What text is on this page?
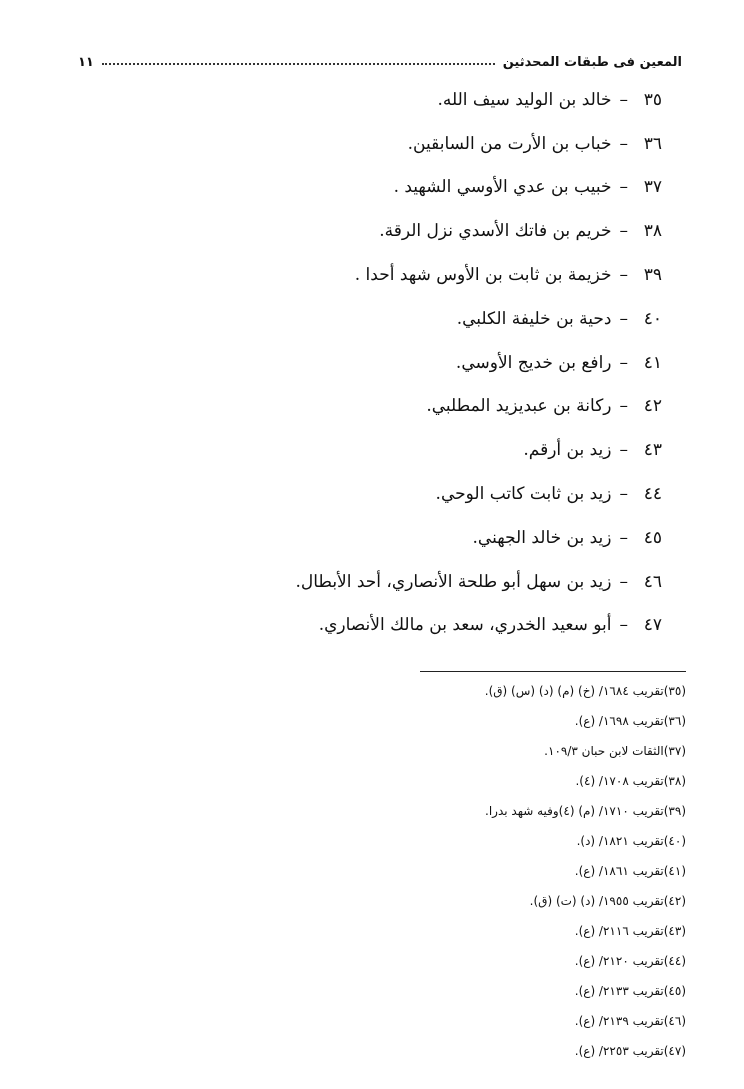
المعين فى طبقات المحدثين
١١
٣٥
–
خالد بن الوليد سيف الله.
٣٦
–
خباب بن الأرت من السابقين.
٣٧
–
خبيب بن عدي الأوسي الشهيد .
٣٨
–
خريم بن فاتك الأسدي نزل الرقة.
٣٩
–
خزيمة بن ثابت بن الأوس شهد أحدا .
٤٠
–
دحية بن خليفة الكلبي.
٤١
–
رافع بن خديج الأوسي.
٤٢
–
ركانة بن عبديزيد المطلبي.
٤٣
–
زيد بن أرقم.
٤٤
–
زيد بن ثابت كاتب الوحي.
٤٥
–
زيد بن خالد الجهني.
٤٦
–
زيد بن سهل أبو طلحة الأنصاري، أحد الأبطال.
٤٧
–
أبو سعيد الخدري، سعد بن مالك الأنصاري.
(٣٥)تقريب ١٦٨٤/ (خ) (م) (د) (س) (ق).
(٣٦)تقريب ١٦٩٨/ (ع).
(٣٧)الثقات لابن حبان ١٠٩/٣.
(٣٨)تقريب ١٧٠٨/ (٤).
(٣٩)تقريب ١٧١٠/ (م) (٤)وفيه شهد بدرا.
(٤٠)تقريب ١٨٢١/ (د).
(٤١)تقريب ١٨٦١/ (ع).
(٤٢)تقريب ١٩٥٥/ (د) (ت) (ق).
(٤٣)تقريب ٢١١٦/ (ع).
(٤٤)تقريب ٢١٢٠/ (ع).
(٤٥)تقريب ٢١٣٣/ (ع).
(٤٦)تقريب ٢١٣٩/ (ع).
(٤٧)تقريب ٢٢٥٣/ (ع).
